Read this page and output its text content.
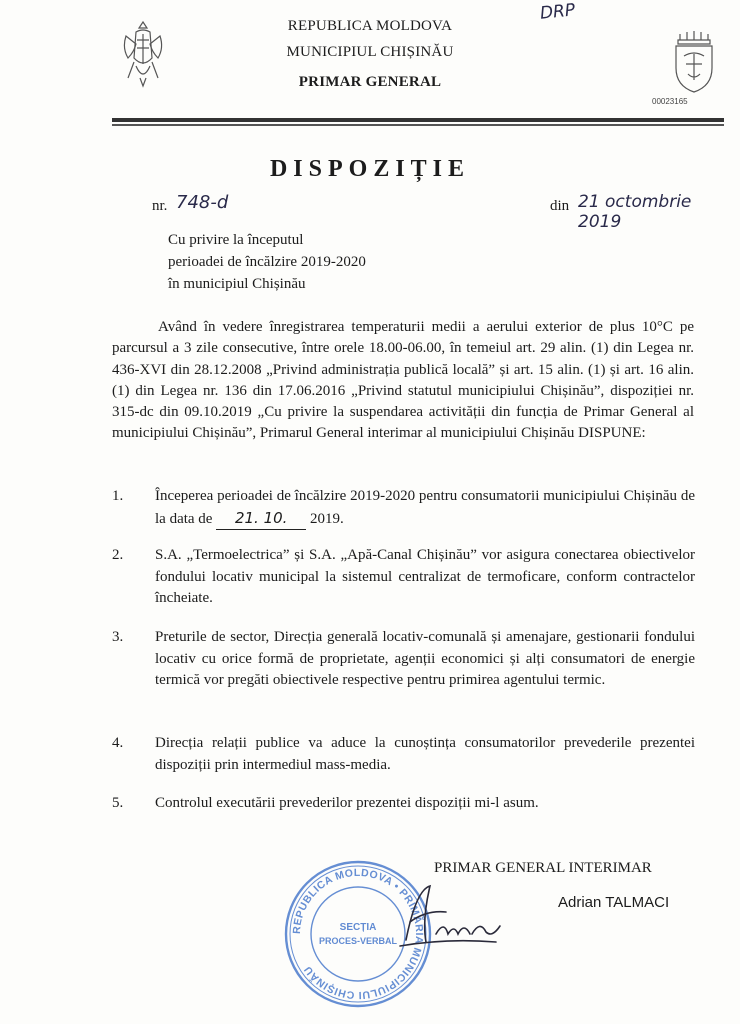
DRP
REPUBLICA MOLDOVA
MUNICIPIUL CHIȘINĂU
PRIMAR GENERAL
00023165
DISPOZIȚIE
nr. 748-d	din 21 octombrie 2019
Cu privire la începutul
perioadei de încălzire 2019-2020
în municipiul Chișinău
Având în vedere înregistrarea temperaturii medii a aerului exterior de plus 10°C pe parcursul a 3 zile consecutive, între orele 18.00-06.00, în temeiul art. 29 alin. (1) din Legea nr. 436-XVI din 28.12.2008 „Privind administrația publică locală” și art. 15 alin. (1) și art. 16 alin. (1) din Legea nr. 136 din 17.06.2016 „Privind statutul municipiului Chișinău”, dispoziției nr. 315-dc din 09.10.2019 „Cu privire la suspendarea activității din funcția de Primar General al municipiului Chișinău”, Primarul General interimar al municipiului Chișinău DISPUNE:
1.	Începerea perioadei de încălzire 2019-2020 pentru consumatorii municipiului Chișinău de la data de 21. 10. 2019.
2.	S.A. „Termoelectrica” și S.A. „Apă-Canal Chișinău” vor asigura conectarea obiectivelor fondului locativ municipal la sistemul centralizat de termoficare, conform contractelor încheiate.
3.	Preturile de sector, Direcția generală locativ-comunală și amenajare, gestionarii fondului locativ cu orice formă de proprietate, agenții economici și alți consumatori de energie termică vor pregăti obiectivele respective pentru primirea agentului termic.
4.	Direcția relații publice va aduce la cunoștința consumatorilor prevederile prezentei dispoziții prin intermediul mass-media.
5.	Controlul executării prevederilor prezentei dispoziții mi-l asum.
PRIMAR GENERAL INTERIMAR
Adrian TALMACI
REPUBLICA MOLDOVA • PRIMĂRIA MUNICIPIULUI CHIȘINĂU
SECȚIA
PROCES-VERBAL
